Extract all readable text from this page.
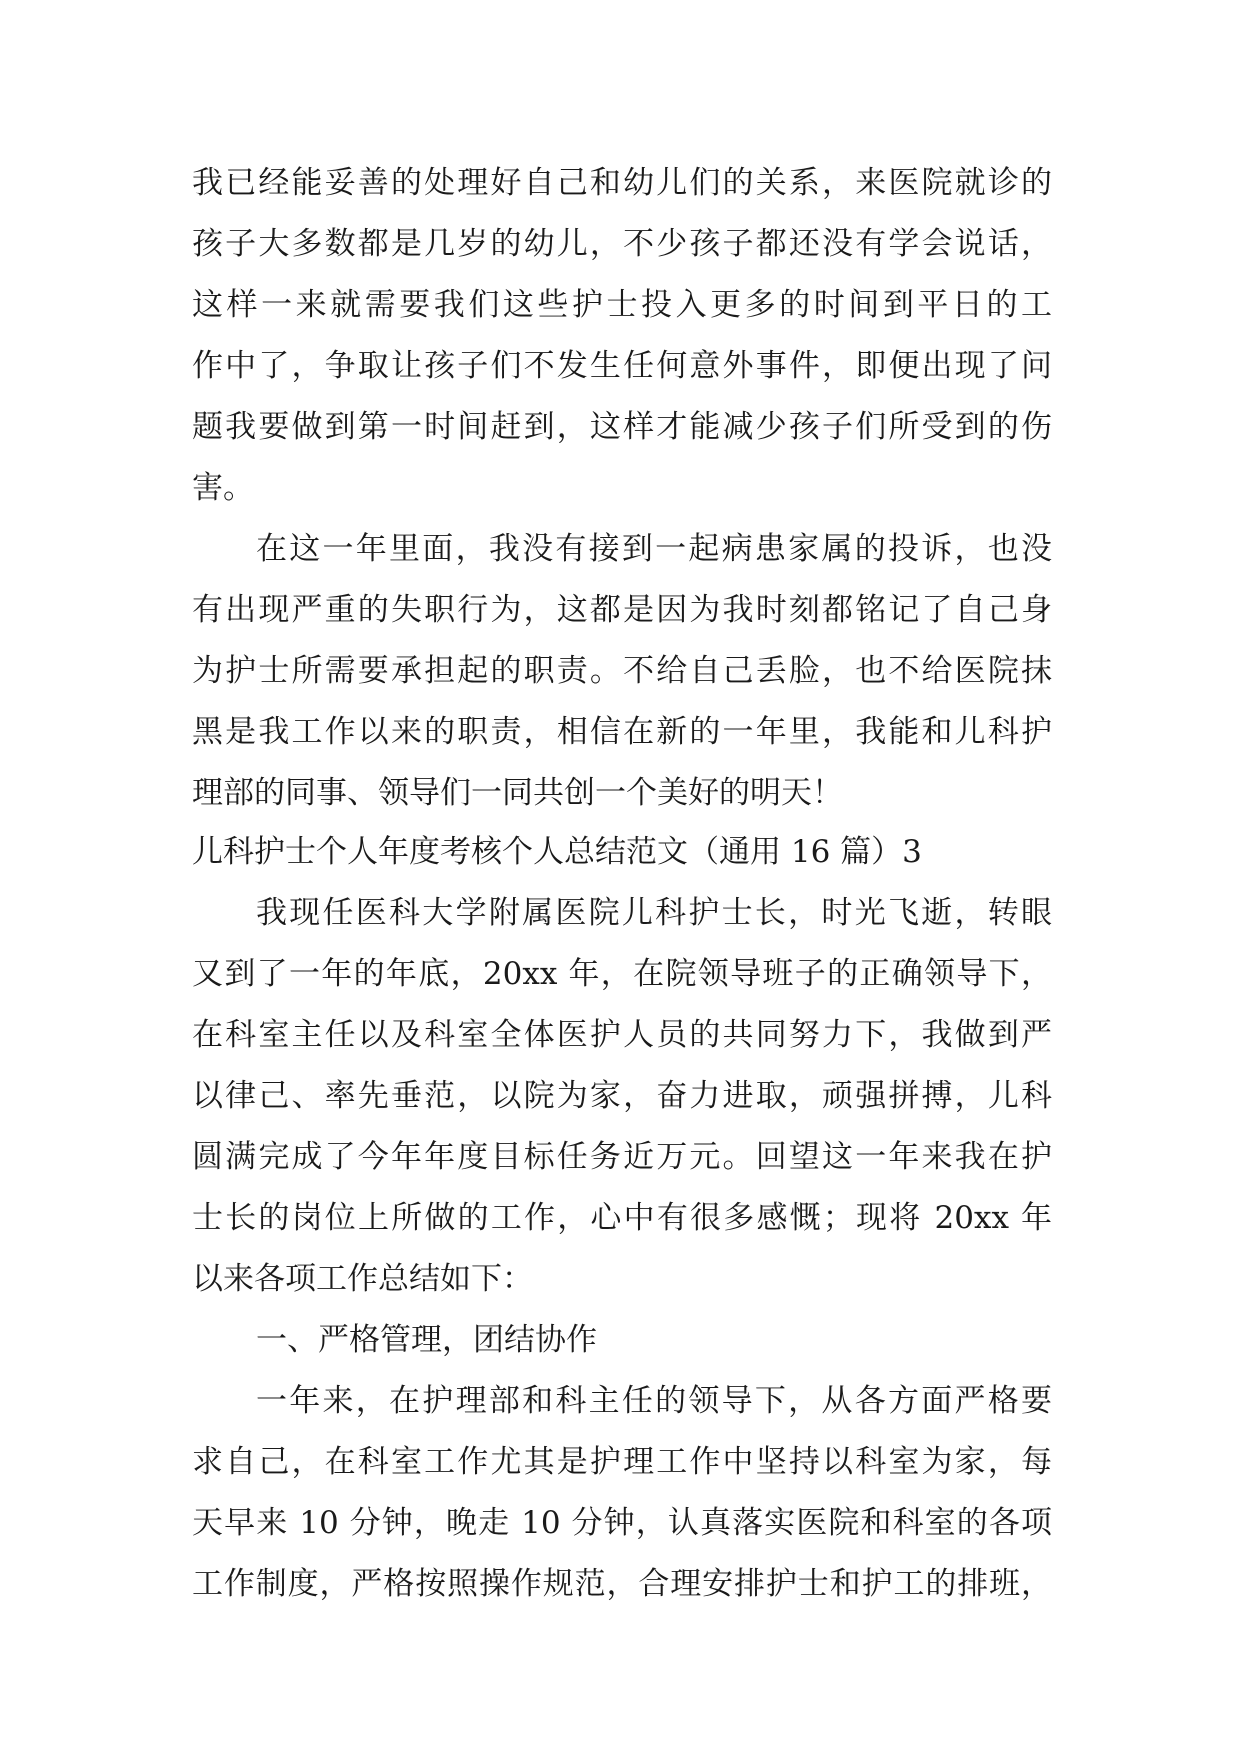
我已经能妥善的处理好自己和幼儿们的关系，来医院就诊的
孩子大多数都是几岁的幼儿，不少孩子都还没有学会说话，
这样一来就需要我们这些护士投入更多的时间到平日的工
作中了，争取让孩子们不发生任何意外事件，即便出现了问
题我要做到第一时间赶到，这样才能减少孩子们所受到的伤
害。
在这一年里面，我没有接到一起病患家属的投诉，也没
有出现严重的失职行为，这都是因为我时刻都铭记了自己身
为护士所需要承担起的职责。不给自己丢脸，也不给医院抹
黑是我工作以来的职责，相信在新的一年里，我能和儿科护
理部的同事、领导们一同共创一个美好的明天！
儿科护士个人年度考核个人总结范文（通用 16 篇）3
我现任医科大学附属医院儿科护士长，时光飞逝，转眼
又到了一年的年底，20xx 年，在院领导班子的正确领导下，
在科室主任以及科室全体医护人员的共同努力下，我做到严
以律己、率先垂范，以院为家，奋力进取，顽强拼搏，儿科
圆满完成了今年年度目标任务近万元。回望这一年来我在护
士长的岗位上所做的工作，心中有很多感慨；现将 20xx 年
以来各项工作总结如下：
一、严格管理，团结协作
一年来，在护理部和科主任的领导下，从各方面严格要
求自己，在科室工作尤其是护理工作中坚持以科室为家，每
天早来 10 分钟，晚走 10 分钟，认真落实医院和科室的各项
工作制度，严格按照操作规范，合理安排护士和护工的排班，
